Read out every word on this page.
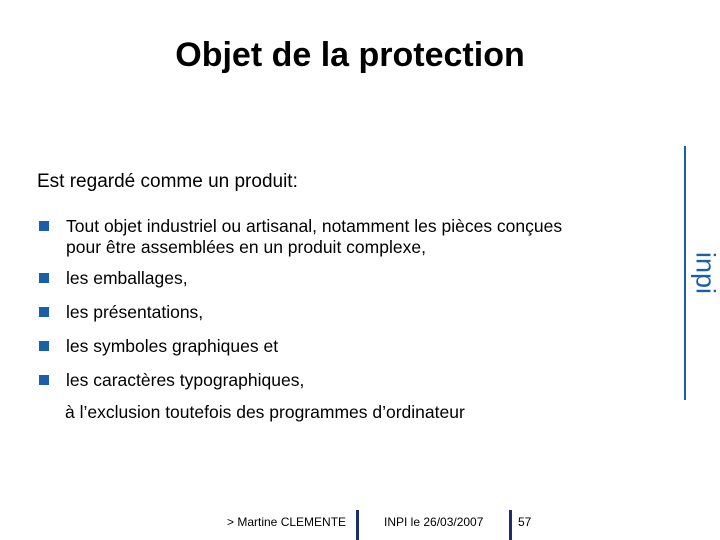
Objet de la protection
inpi
Est regardé comme un produit:
Tout objet industriel ou artisanal, notamment les pièces conçues
pour être assemblées en un produit complexe,
les emballages,
les présentations,
les symboles graphiques et
les caractères typographiques,
à l’exclusion toutefois des programmes d’ordinateur
> Martine CLEMENTE	INPI le 26/03/2007	57
